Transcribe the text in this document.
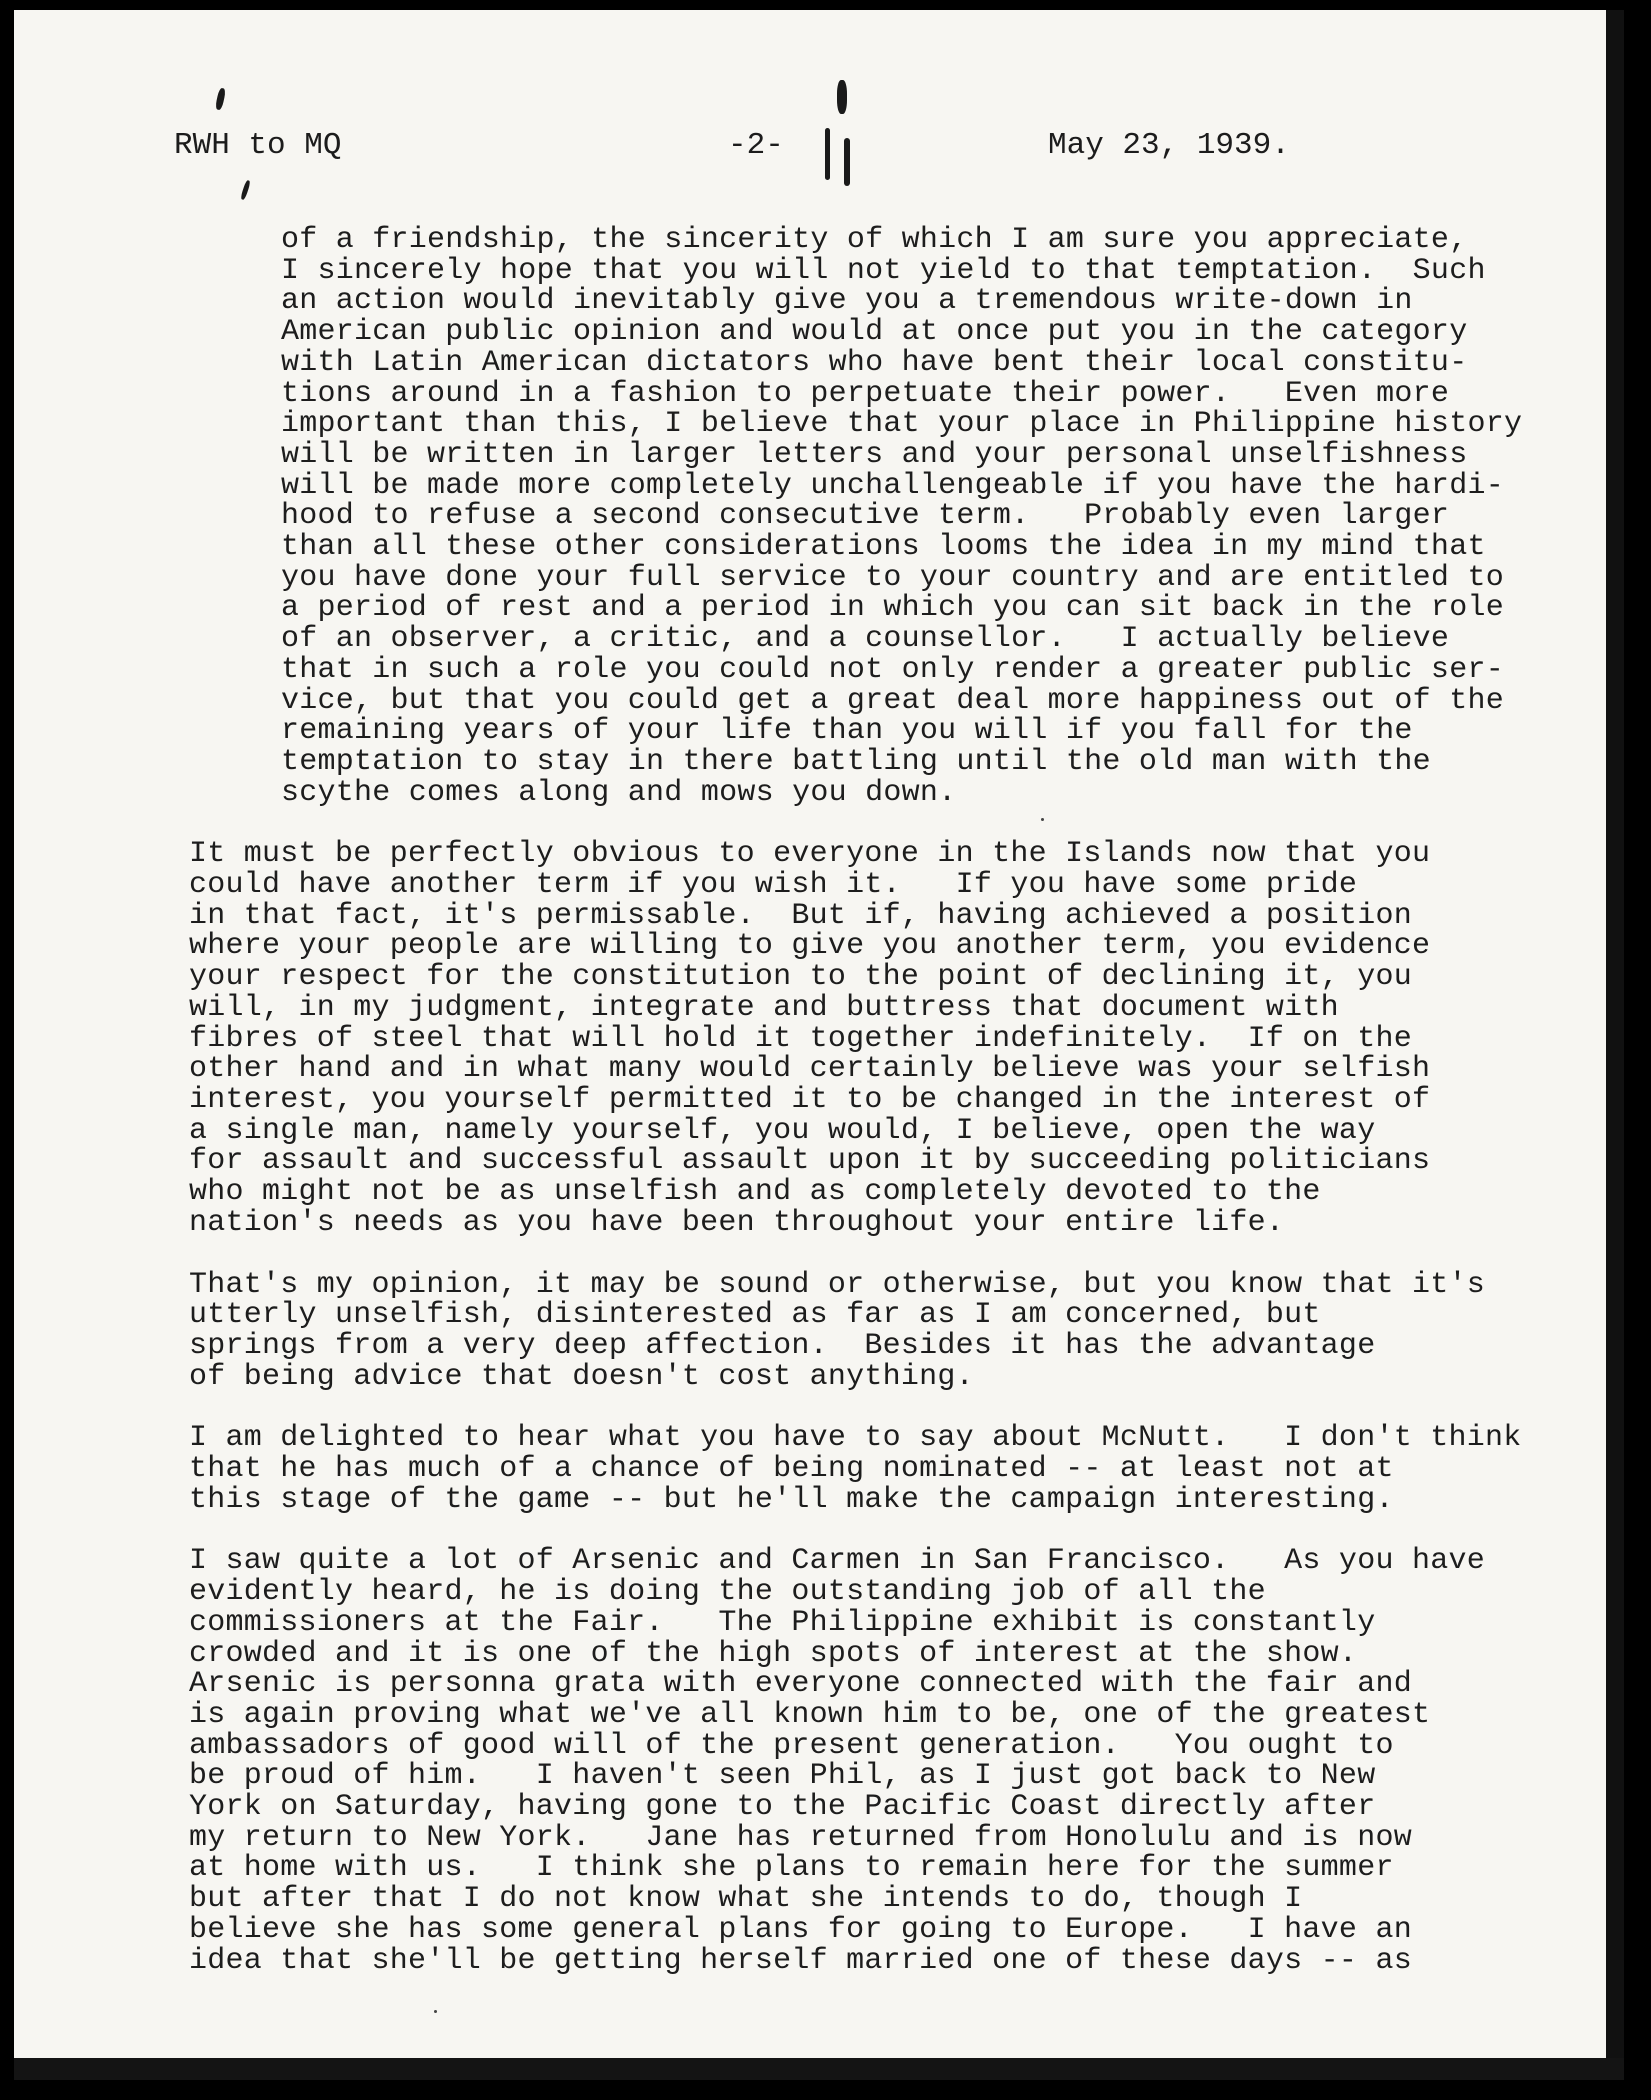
RWH to MQ	-2-	May 23, 1939.
of a friendship, the sincerity of which I am sure you appreciate,
I sincerely hope that you will not yield to that temptation.  Such
an action would inevitably give you a tremendous write-down in
American public opinion and would at once put you in the category
with Latin American dictators who have bent their local constitu-
tions around in a fashion to perpetuate their power.   Even more
important than this, I believe that your place in Philippine history
will be written in larger letters and your personal unselfishness
will be made more completely unchallengeable if you have the hardi-
hood to refuse a second consecutive term.   Probably even larger
than all these other considerations looms the idea in my mind that
you have done your full service to your country and are entitled to
a period of rest and a period in which you can sit back in the role
of an observer, a critic, and a counsellor.   I actually believe
that in such a role you could not only render a greater public ser-
vice, but that you could get a great deal more happiness out of the
remaining years of your life than you will if you fall for the
temptation to stay in there battling until the old man with the
scythe comes along and mows you down.
It must be perfectly obvious to everyone in the Islands now that you
could have another term if you wish it.   If you have some pride
in that fact, it's permissable.  But if, having achieved a position
where your people are willing to give you another term, you evidence
your respect for the constitution to the point of declining it, you
will, in my judgment, integrate and buttress that document with
fibres of steel that will hold it together indefinitely.  If on the
other hand and in what many would certainly believe was your selfish
interest, you yourself permitted it to be changed in the interest of
a single man, namely yourself, you would, I believe, open the way
for assault and successful assault upon it by succeeding politicians
who might not be as unselfish and as completely devoted to the
nation's needs as you have been throughout your entire life.
That's my opinion, it may be sound or otherwise, but you know that it's
utterly unselfish, disinterested as far as I am concerned, but
springs from a very deep affection.  Besides it has the advantage
of being advice that doesn't cost anything.
I am delighted to hear what you have to say about McNutt.   I don't think
that he has much of a chance of being nominated -- at least not at
this stage of the game -- but he'll make the campaign interesting.
I saw quite a lot of Arsenic and Carmen in San Francisco.   As you have
evidently heard, he is doing the outstanding job of all the
commissioners at the Fair.   The Philippine exhibit is constantly
crowded and it is one of the high spots of interest at the show.
Arsenic is personna grata with everyone connected with the fair and
is again proving what we've all known him to be, one of the greatest
ambassadors of good will of the present generation.   You ought to
be proud of him.   I haven't seen Phil, as I just got back to New
York on Saturday, having gone to the Pacific Coast directly after
my return to New York.   Jane has returned from Honolulu and is now
at home with us.   I think she plans to remain here for the summer
but after that I do not know what she intends to do, though I
believe she has some general plans for going to Europe.   I have an
idea that she'll be getting herself married one of these days -- as
